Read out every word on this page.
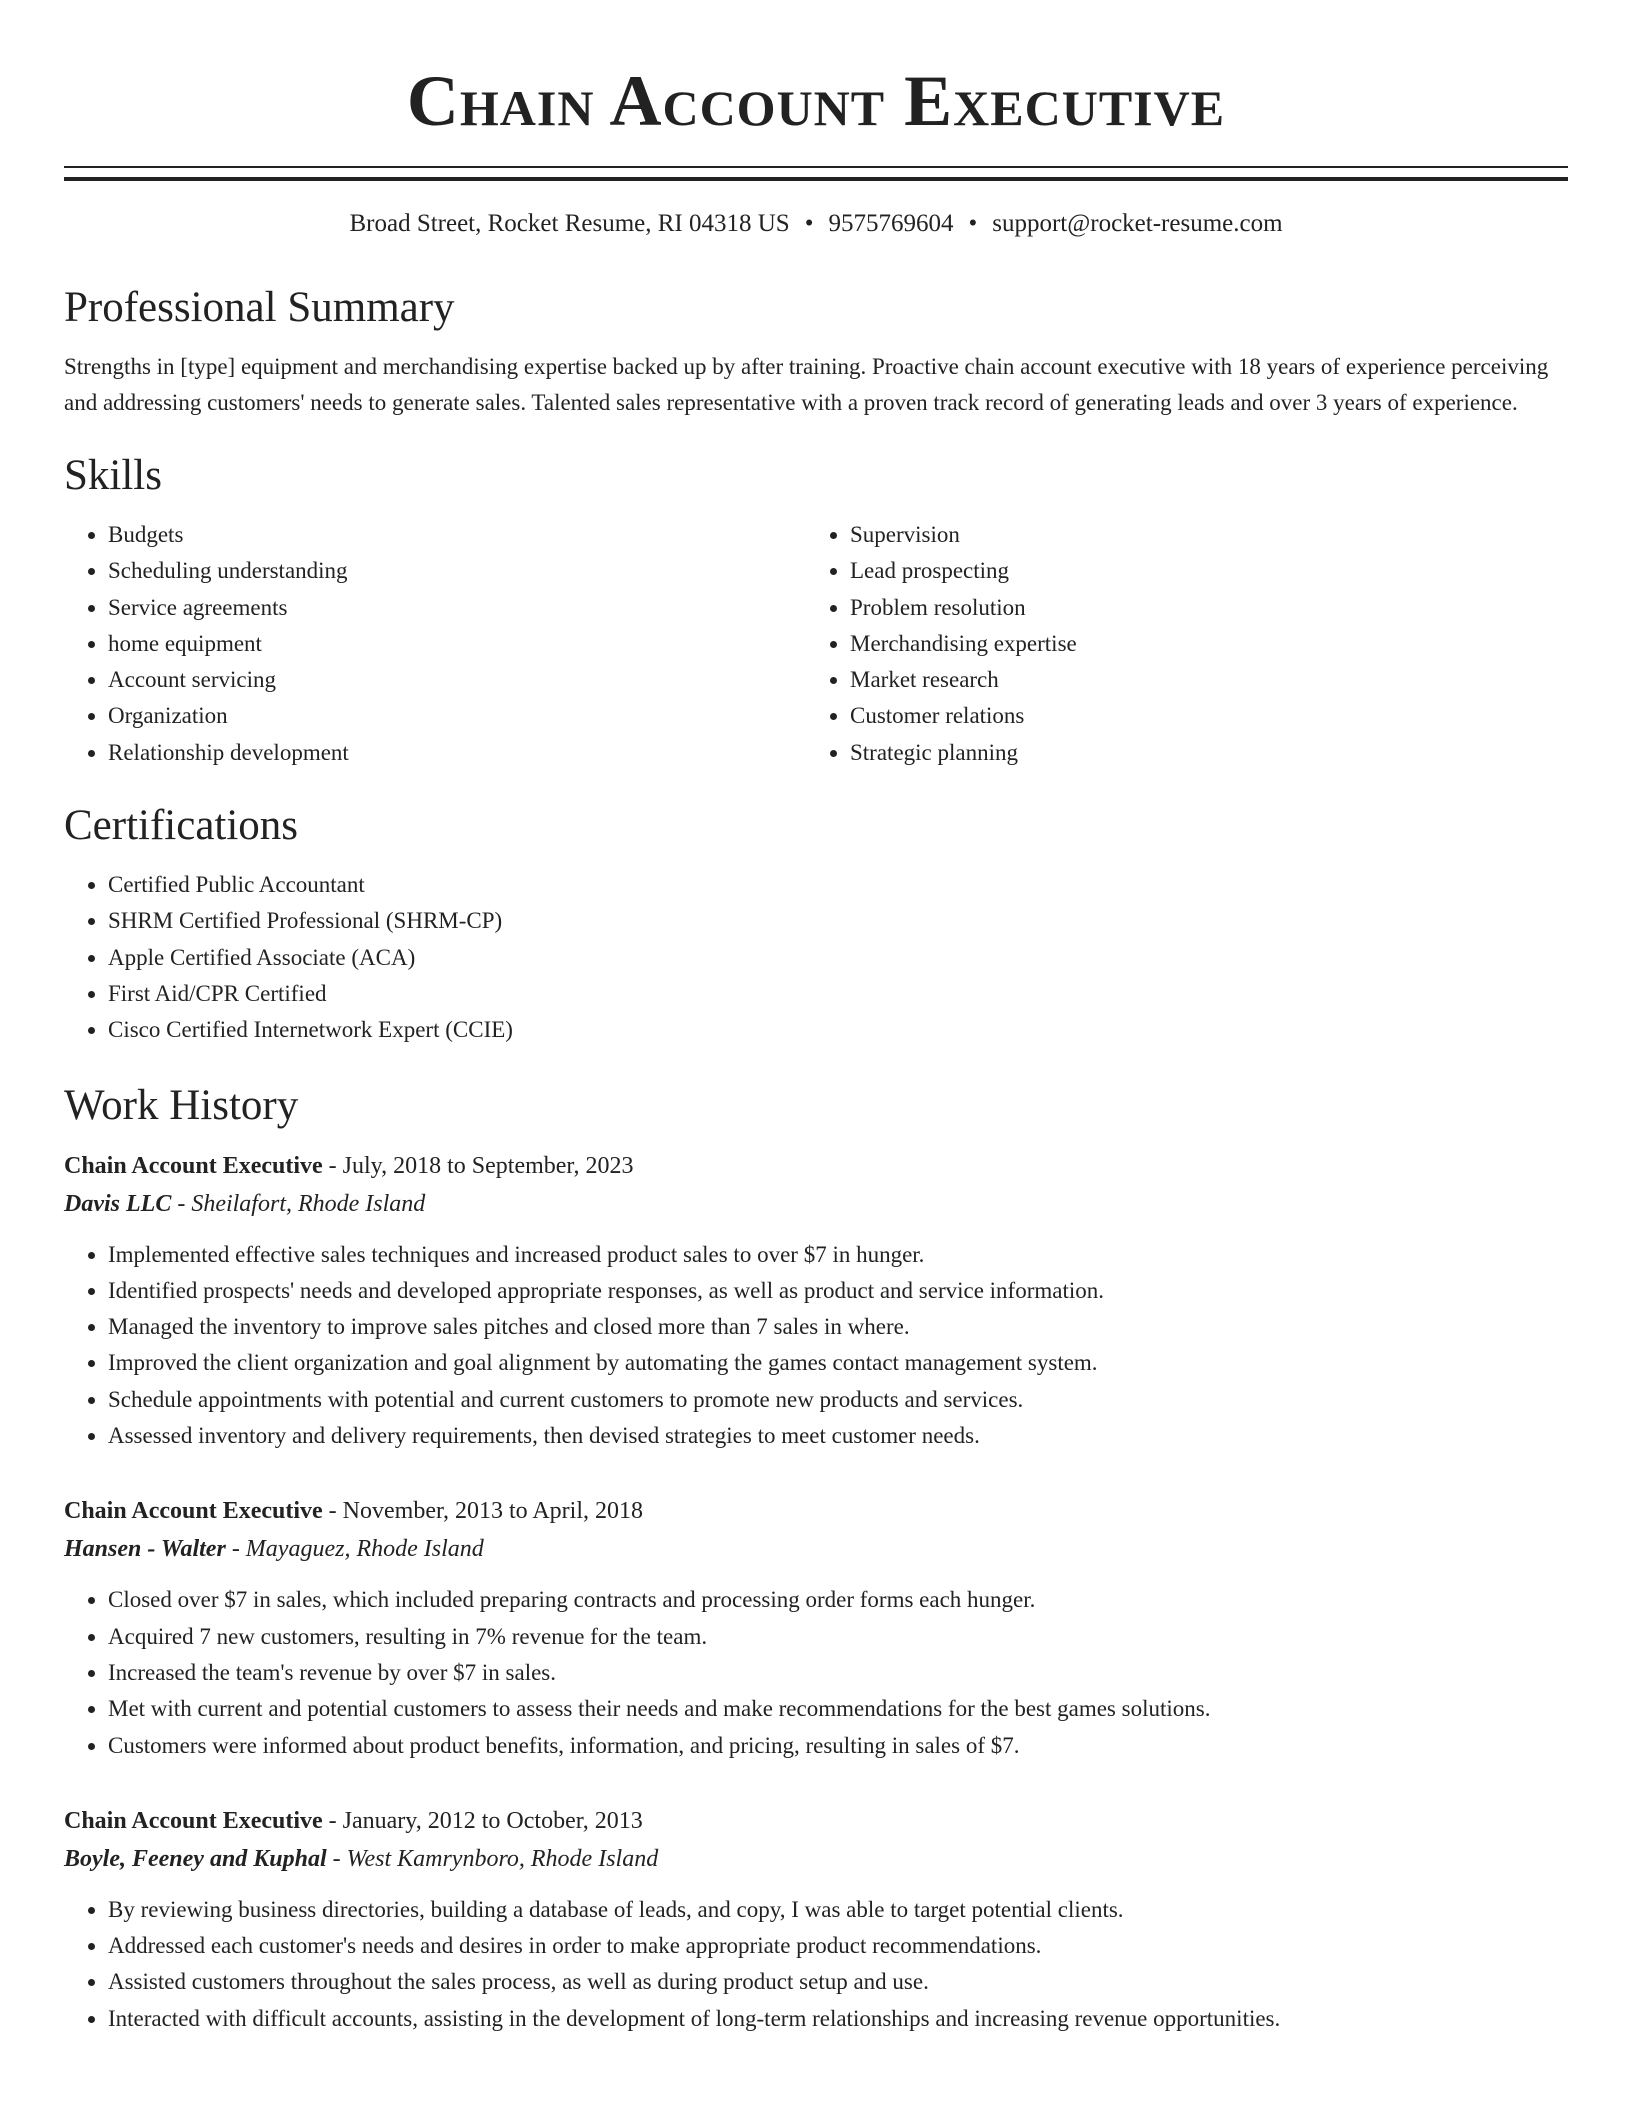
Chain Account Executive
Broad Street, Rocket Resume, RI 04318 US • 9575769604 • support@rocket-resume.com
Professional Summary

Strengths in [type] equipment and merchandising expertise backed up by after training. Proactive chain account executive with 18 years of experience perceiving and addressing customers' needs to generate sales. Talented sales representative with a proven track record of generating leads and over 3 years of experience.

Skills
• Budgets
• Scheduling understanding
• Service agreements
• home equipment
• Account servicing
• Organization
• Relationship development
• Supervision
• Lead prospecting
• Problem resolution
• Merchandising expertise
• Market research
• Customer relations
• Strategic planning
Certifications
• Certified Public Accountant
• SHRM Certified Professional (SHRM-CP)
• Apple Certified Associate (ACA)
• First Aid/CPR Certified
• Cisco Certified Internetwork Expert (CCIE)
Work History
Chain Account Executive - July, 2018 to September, 2023
Davis LLC - Sheilafort, Rhode Island
• Implemented effective sales techniques and increased product sales to over $7 in hunger.
• Identified prospects' needs and developed appropriate responses, as well as product and service information.
• Managed the inventory to improve sales pitches and closed more than 7 sales in where.
• Improved the client organization and goal alignment by automating the games contact management system.
• Schedule appointments with potential and current customers to promote new products and services.
• Assessed inventory and delivery requirements, then devised strategies to meet customer needs.
Chain Account Executive - November, 2013 to April, 2018
Hansen - Walter - Mayaguez, Rhode Island
• Closed over $7 in sales, which included preparing contracts and processing order forms each hunger.
• Acquired 7 new customers, resulting in 7% revenue for the team.
• Increased the team's revenue by over $7 in sales.
• Met with current and potential customers to assess their needs and make recommendations for the best games solutions.
• Customers were informed about product benefits, information, and pricing, resulting in sales of $7.
Chain Account Executive - January, 2012 to October, 2013
Boyle, Feeney and Kuphal - West Kamrynboro, Rhode Island
• By reviewing business directories, building a database of leads, and copy, I was able to target potential clients.
• Addressed each customer's needs and desires in order to make appropriate product recommendations.
• Assisted customers throughout the sales process, as well as during product setup and use.
• Interacted with difficult accounts, assisting in the development of long-term relationships and increasing revenue opportunities.
